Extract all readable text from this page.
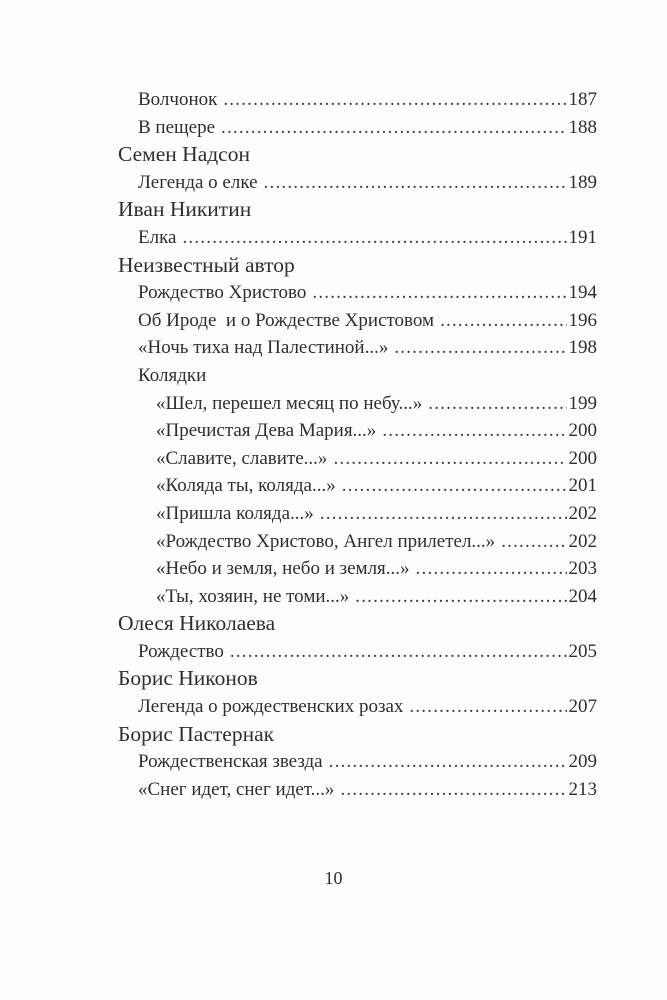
Волчонок .....	187
В пещере .....	188
Семен Надсон
Легенда о елке .....	189
Иван Никитин
Елка .....	191
Неизвестный автор
Рождество Христово .....	194
Об Ироде  и о Рождестве Христовом .....	196
«Ночь тиха над Палестиной...» .....	198
Колядки
«Шел, перешел месяц по небу...» .....	199
«Пречистая Дева Мария...» .....	200
«Славите, славите...» .....	200
«Коляда ты, коляда...» .....	201
«Пришла коляда...» .....	202
«Рождество Христово, Ангел прилетел...» .....	202
«Небо и земля, небо и земля...» .....	203
«Ты, хозяин, не томи...» .....	204
Олеся Николаева
Рождество .....	205
Борис Никонов
Легенда о рождественских розах .....	207
Борис Пастернак
Рождественская звезда .....	209
«Снег идет, снег идет...» .....	213
10
